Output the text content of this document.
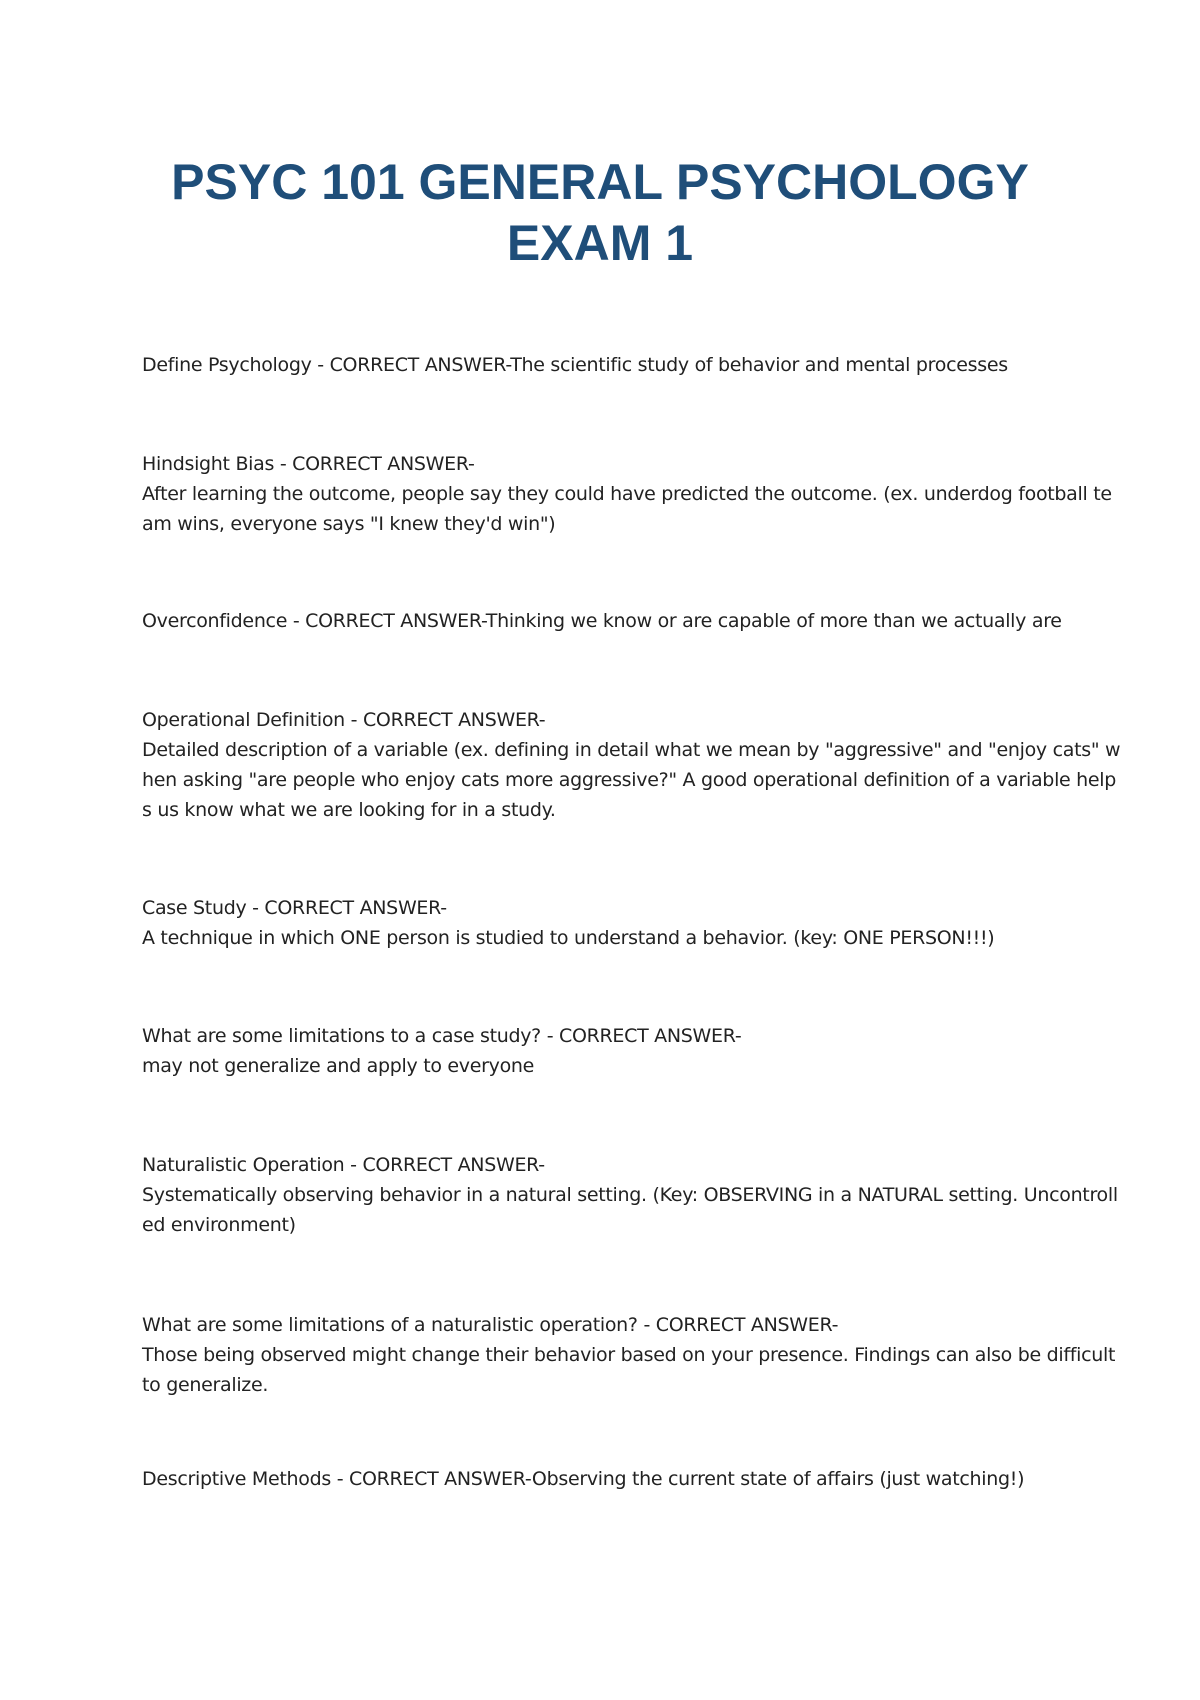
PSYC 101 GENERAL PSYCHOLOGY
EXAM 1
Define Psychology - CORRECT ANSWER-The scientific study of behavior and mental processes
Hindsight Bias - CORRECT ANSWER-
After learning the outcome, people say they could have predicted the outcome. (ex. underdog football te
am wins, everyone says "I knew they'd win")
Overconfidence - CORRECT ANSWER-Thinking we know or are capable of more than we actually are
Operational Definition - CORRECT ANSWER-
Detailed description of a variable (ex. defining in detail what we mean by "aggressive" and "enjoy cats" w
hen asking "are people who enjoy cats more aggressive?" A good operational definition of a variable help
s us know what we are looking for in a study.
Case Study - CORRECT ANSWER-
A technique in which ONE person is studied to understand a behavior. (key: ONE PERSON!!!)
What are some limitations to a case study? - CORRECT ANSWER-
may not generalize and apply to everyone
Naturalistic Operation - CORRECT ANSWER-
Systematically observing behavior in a natural setting. (Key: OBSERVING in a NATURAL setting. Uncontroll
ed environment)
What are some limitations of a naturalistic operation? - CORRECT ANSWER-
Those being observed might change their behavior based on your presence. Findings can also be difficult
to generalize.
Descriptive Methods - CORRECT ANSWER-Observing the current state of affairs (just watching!)
